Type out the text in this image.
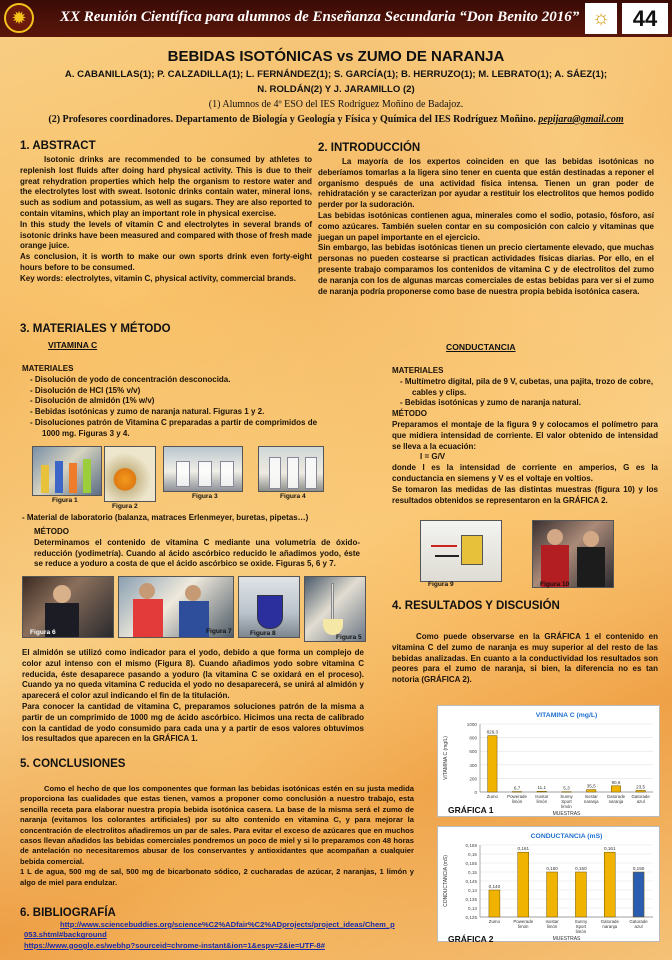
✹	XX Reunión Científica para alumnos de Enseñanza Secundaria “Don Benito 2016” ☼	44
BEBIDAS ISOTÓNICAS vs ZUMO DE NARANJA
A. CABANILLAS(1); P. CALZADILLA(1); L. FERNÁNDEZ(1); S. GARCÍA(1); B. HERRUZO(1); M. LEBRATO(1); A. SÁEZ(1);
N. ROLDÁN(2) Y J. JARAMILLO (2)
(1) Alumnos de 4º ESO del IES Rodríguez Moñino de Badajoz.
(2) Profesores coordinadores. Departamento de Biología y Geología y Física y Química del IES Rodríguez Moñino. pepijara@gmail.com
1. ABSTRACT

Isotonic drinks are recommended to be consumed by athletes to replenish lost fluids after doing hard physical activity. This is due to their great rehydration properties which help the organism to restore water and the electrolytes lost with sweat. Isotonic drinks contain water, mineral ions, such as sodium and potassium, as well as sugars. They are also reported to contain vitamins, which play an important role in physical exercise.

In this study the levels of vitamin C and electrolytes in several brands of isotonic drinks have been measured and compared with those of fresh made orange juice.

As conclusion, it is worth to make our own sports drink even forty-eight hours before to be consumed.

Key words: electrolytes, vitamin C, physical activity, commercial brands.

2. INTRODUCCIÓN

La mayoría de los expertos coinciden en que las bebidas isotónicas no deberíamos tomarlas a la ligera sino tener en cuenta que están destinadas a reponer el organismo después de una actividad física intensa. Tienen un gran poder de rehidratación y se caracterizan por ayudar a restituir los electrolitos que hemos podido perder por la sudoración.

Las bebidas isotónicas contienen agua, minerales como el sodio, potasio, fósforo, así como azúcares. También suelen contar en su composición con calcio y vitaminas que juegan un papel importante en el ejercicio.

Sin embargo, las bebidas isotónicas tienen un precio ciertamente elevado, que muchas personas no pueden costearse si practican actividades físicas diarias. Por ello, en el presente trabajo comparamos los contenidos de vitamina C y de electrolitos del zumo de naranja con los de algunas marcas comerciales de estas bebidas para ver si el zumo de naranja podría proponerse como base de nuestra propia bebida isotónica casera.

3. MATERIALES Y MÉTODO
VITAMINA C
MATERIALES
- Disolución de yodo de concentración desconocida.
- Disolución de HCl (15% v/v)
- Disolución de almidón (1% w/v)
- Bebidas isotónicas y zumo de naranja natural. Figuras 1 y 2.
- Disoluciones patrón de Vitamina C preparadas a partir de comprimidos de 1000 mg. Figuras 3 y 4.
Figura 1
Figura 2
Figura 3	Figura 4
- Material de laboratorio (balanza, matraces Erlenmeyer, buretas, pipetas…)
MÉTODO

Determinamos el contenido de vitamina C mediante una volumetría de óxido-reducción (yodimetría). Cuando al ácido ascórbico reducido le añadimos yodo, éste se reduce a yoduro a costa de que el ácido ascórbico se oxide. Figuras 5, 6 y 7.

Figura 6	Figura 7	Figura 8
Figura 5

El almidón se utilizó como indicador para el yodo, debido a que forma un complejo de color azul intenso con el mismo (Figura 8). Cuando añadimos yodo sobre vitamina C reducida, éste desaparece pasando a yoduro (la vitamina C se oxidará en el proceso). Cuando ya no queda vitamina C reducida el yodo no desaparecerá, se unirá al almidón y aparecerá el color azul indicando el fin de la titulación.

Para conocer la cantidad de vitamina C, preparamos soluciones patrón de la misma a partir de un comprimido de 1000 mg de ácido ascórbico. Hicimos una recta de calibrado con la cantidad de yodo consumido para cada una y a partir de esos valores obtuvimos los resultados que aparecen en la GRÁFICA 1.

CONDUCTANCIA
MATERIALES
- Multímetro digital, pila de 9 V, cubetas, una pajita, trozo de cobre, cables y clips.
- Bebidas isotónicas y zumo de naranja natural.
MÉTODO

Preparamos el montaje de la figura 9 y colocamos el polímetro para que midiera intensidad de corriente. El valor obtenido de intensidad se lleva a la ecuación:

I = G/V

donde I es la intensidad de corriente en amperios, G es la conductancia en siemens y V es el voltaje en voltios.

Se tomaron las medidas de las distintas muestras (figura 10) y los resultados obtenidos se representaron en la GRÁFICA 2.

Figura 9	Figura 10
4. RESULTADOS Y DISCUSIÓN

Como puede observarse en la GRÁFICA 1 el contenido en vitamina C del zumo de naranja es muy superior al del resto de las bebidas analizadas. En cuanto a la conductividad los resultados son peores para el zumo de naranja, si bien, la diferencia no es tan notoria (GRÁFICA 2).

VITAMINA C (mg/L)
0
200
400
600
800
1000
VITAMINA C (mg/L)
829,3
Zumo
6,7
Powerade
limón
11,1
Isostar
limón
5,3
Sunny
Sport
limón
35,5
Isostar
naranja
90,6
Gatorade
naranja
23,5
Gatorade
azul
MUESTRAS
GRÁFICA 1
CONDUCTANCIA (mS)
0,125
0,13
0,135
0,14
0,145
0,15
0,155
0,16
0,165
CONDUCTANCIA (mS)	0,140
Zumo
0,161
Powerade
limón
0,150
Isostar
limón
0,150
Sunny
Sport
limón
0,161
Gatorade
naranja
0,150
Gatorade
azul
MUESTRAS
GRÁFICA 2
5. CONCLUSIONES

Como el hecho de que los componentes que forman las bebidas isotónicas estén en su justa medida proporciona las cualidades que estas tienen, vamos a proponer como conclusión a nuestro trabajo, esta sencilla receta para elaborar nuestra propia bebida isotónica casera. La base de la misma será el zumo de naranja (evitamos los colorantes artificiales) por su alto contenido en vitamina C, y para mejorar la concentración de electrolitos añadiremos un par de sales. Para evitar el exceso de azúcares que en muchos casos llevan añadidos las bebidas comerciales pondremos un poco de miel y si lo preparamos con 48 horas de antelación no necesitaremos abusar de los conservantes y antioxidantes que acompañan a cualquier bebida comercial.

1 L de agua, 500 mg de sal, 500 mg de bicarbonato sódico, 2 cucharadas de azúcar, 2 naranjas, 1 limón y algo de miel para endulzar.

6. BIBLIOGRAFÍA
http://www.sciencebuddies.org/science%C2%ADfair%C2%ADprojects/project_ideas/Chem_p
053.shtml#background
https://www.google.es/webhp?sourceid=chrome-instant&ion=1&espv=2&ie=UTF-8#
